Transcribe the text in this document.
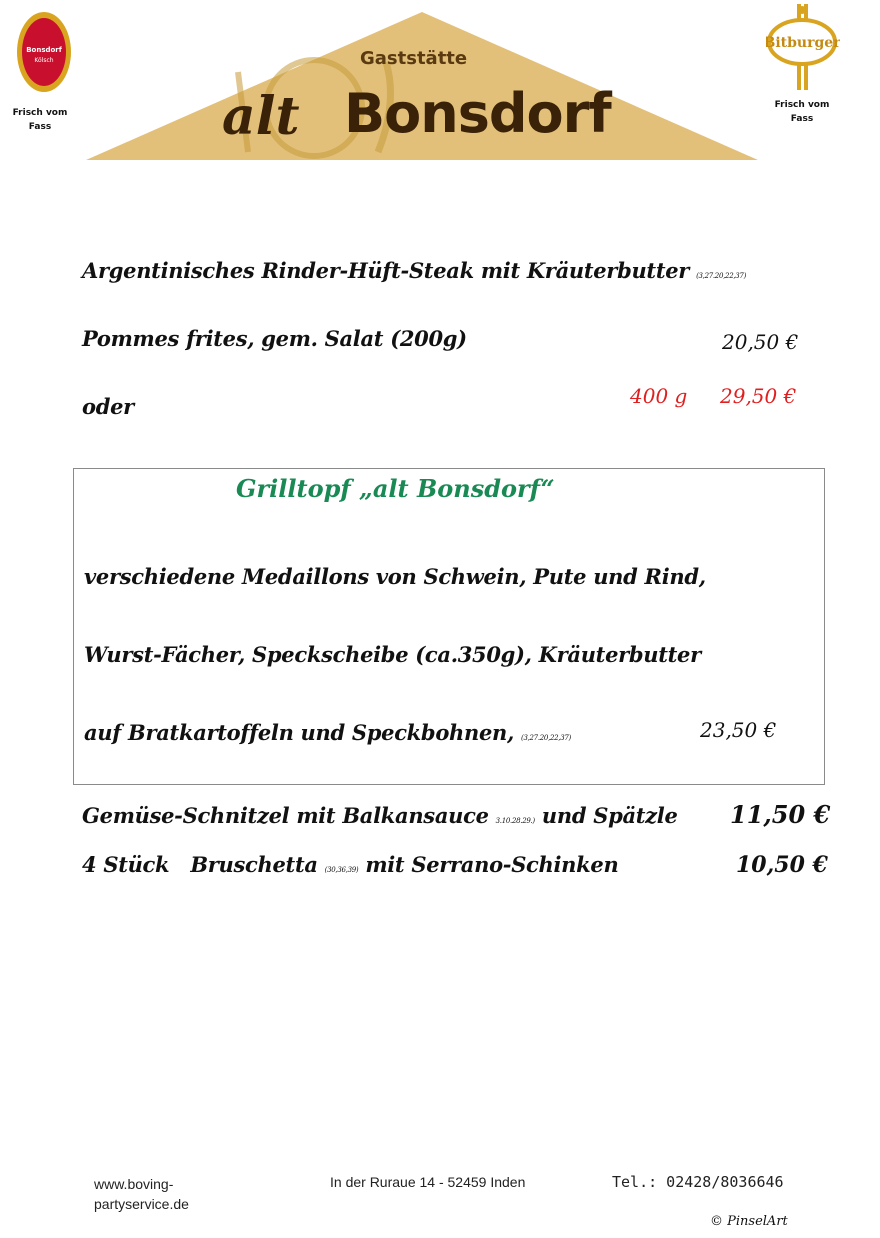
Gaststätte
alt Bonsdorf
Bonsdorf
Kölsch
Frisch vom Fass
Bitburger
Frisch vom Fass
Argentinisches Rinder-Hüft-Steak mit Kräuterbutter (3,27.20,22,37)
Pommes frites, gem. Salat (200g)	20,50 €
oder	400 g 29,50 €
Grilltopf „alt Bonsdorf“
verschiedene Medaillons von Schwein, Pute und Rind,
Wurst-Fächer, Speckscheibe (ca.350g), Kräuterbutter
auf Bratkartoffeln und Speckbohnen, (3,27.20,22,37)	23,50 €
Gemüse-Schnitzel mit Balkansauce 3.10.28.29.) und Spätzle 11,50 €
4 Stück   Bruschetta (30,36,39) mit Serrano-Schinken	10,50 €
www.boving-
partyservice.de
In der Ruraue 14 - 52459 Inden	Tel.: 02428/8036646
© PinselArt
